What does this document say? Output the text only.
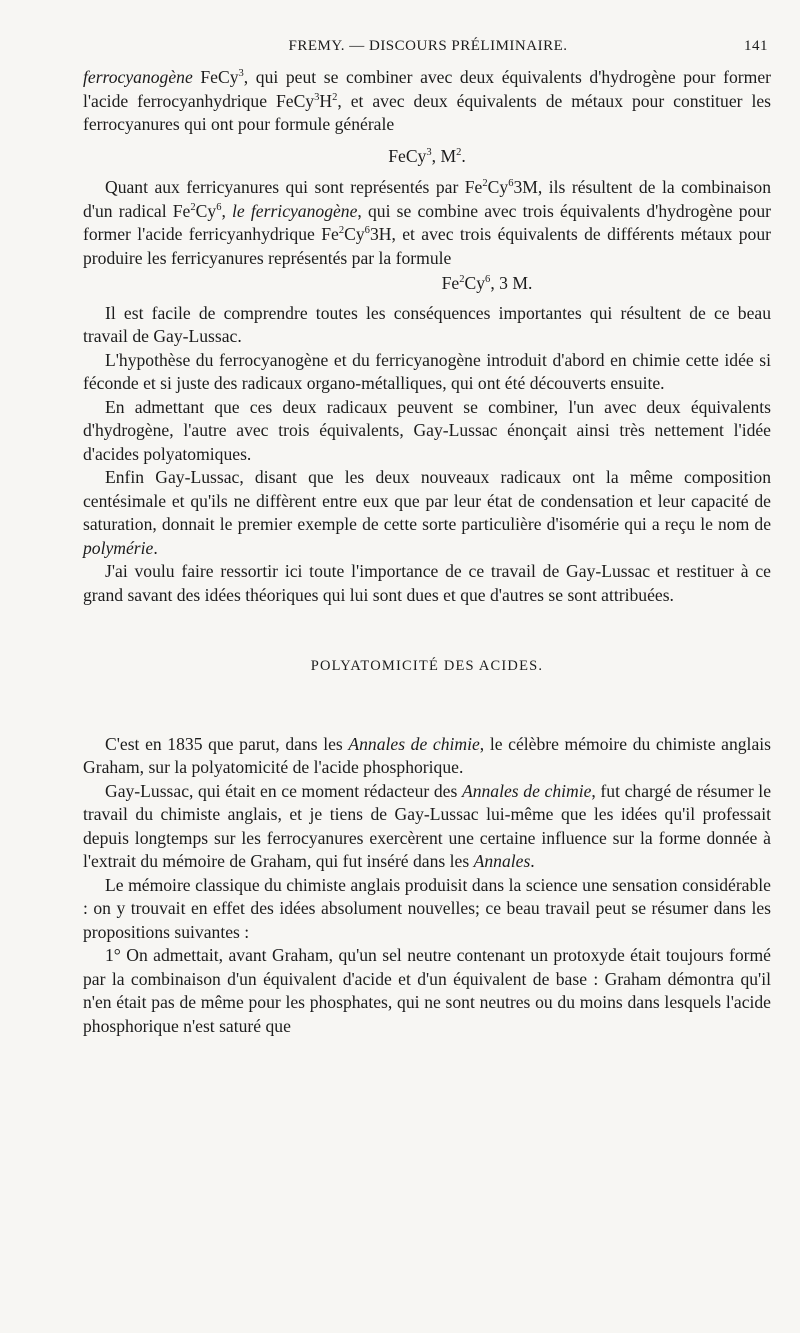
FREMY. — DISCOURS PRÉLIMINAIRE.	141

ferrocyanogène FeCy$^3$, qui peut se combiner avec deux équivalents d'hydrogène pour former l'acide ferrocyanhydrique $FeCy^3H^2$, et avec deux équivalents de métaux pour constituer les ferrocyanures qui ont pour formule générale

FeCy$^3$, $M^2$.

Quant aux ferricyanures qui sont représentés par Fe$^2$Cy$^6$3M, ils résultent de la combinaison d'un radical Fe$^2$Cy$^6$, le ferricyanogène, qui se combine avec trois équivalents d'hydrogène pour former l'acide ferricyanhydrique Fe$^2$Cy$^6$3H, et avec trois équivalents de différents métaux pour produire les ferricyanures représentés par la formule

Fe$^2$Cy$^6$, 3 M.

Il est facile de comprendre toutes les conséquences importantes qui résultent de ce beau travail de Gay-Lussac.

L'hypothèse du ferrocyanogène et du ferricyanogène introduit d'abord en chimie cette idée si féconde et si juste des radicaux organo-métalliques, qui ont été découverts ensuite.

En admettant que ces deux radicaux peuvent se combiner, l'un avec deux équivalents d'hydrogène, l'autre avec trois équivalents, Gay-Lussac énonçait ainsi très nettement l'idée d'acides polyatomiques.

Enfin Gay-Lussac, disant que les deux nouveaux radicaux ont la même composition centésimale et qu'ils ne diffèrent entre eux que par leur état de condensation et leur capacité de saturation, donnait le premier exemple de cette sorte particulière d'isomérie qui a reçu le nom de polymérie.

J'ai voulu faire ressortir ici toute l'importance de ce travail de Gay-Lussac et restituer à ce grand savant des idées théoriques qui lui sont dues et que d'autres se sont attribuées.

POLYATOMICITÉ DES ACIDES.

C'est en 1835 que parut, dans les Annales de chimie, le célèbre mémoire du chimiste anglais Graham, sur la polyatomicité de l'acide phosphorique.

Gay-Lussac, qui était en ce moment rédacteur des Annales de chimie, fut chargé de résumer le travail du chimiste anglais, et je tiens de Gay-Lussac lui-même que les idées qu'il professait depuis longtemps sur les ferrocyanures exercèrent une certaine influence sur la forme donnée à l'extrait du mémoire de Graham, qui fut inséré dans les Annales.

Le mémoire classique du chimiste anglais produisit dans la science une sensation considérable : on y trouvait en effet des idées absolument nouvelles; ce beau travail peut se résumer dans les propositions suivantes :

1° On admettait, avant Graham, qu'un sel neutre contenant un protoxyde était toujours formé par la combinaison d'un équivalent d'acide et d'un équivalent de base : Graham démontra qu'il n'en était pas de même pour les phosphates, qui ne sont neutres ou du moins dans lesquels l'acide phosphorique n'est saturé que
